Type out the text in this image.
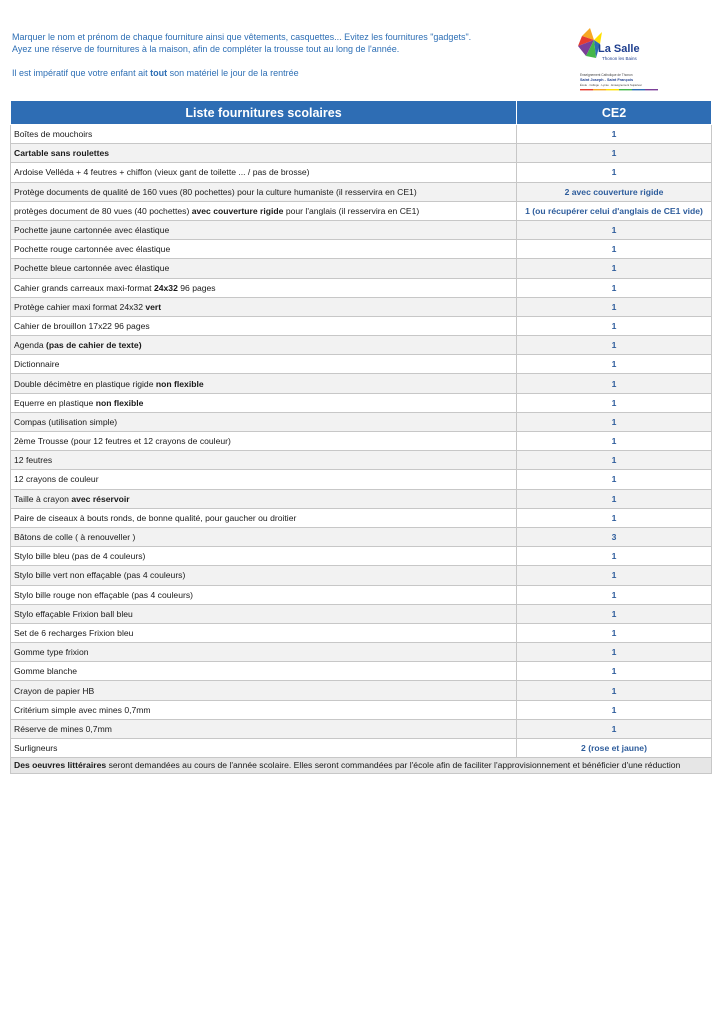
Marquer le nom et prénom de chaque fourniture ainsi que vêtements, casquettes... Evitez les fournitures "gadgets".

Ayez une réserve de fournitures à la maison, afin de compléter la trousse tout au long de l'année.

Il est impératif que votre enfant ait tout son matériel le jour de la rentrée

La Salle
Thonon les Bains
Enseignement Catholique de Thonon
Saint Joseph - Saint François
École · Collège · Lycée · Enseignement Supérieur
Liste fournitures scolaires	CE2
Boîtes de mouchoirs	1
Cartable sans roulettes	1
Ardoise Velléda + 4 feutres + chiffon (vieux gant de toilette ... / pas de brosse)	1
Protège documents de qualité de 160 vues (80 pochettes) pour la culture humaniste (il resservira en CE1)	2 avec couverture rigide
protèges document de 80 vues (40 pochettes) avec couverture rigide pour l'anglais (il resservira en CE1)	1 (ou récupérer celui d'anglais de CE1 vide)
Pochette jaune cartonnée avec élastique	1
Pochette rouge cartonnée avec élastique	1
Pochette bleue cartonnée avec élastique	1
Cahier grands carreaux maxi-format 24x32 96 pages	1
Protège cahier maxi format 24x32 vert	1
Cahier de brouillon 17x22 96 pages	1
Agenda (pas de cahier de texte)	1
Dictionnaire	1
Double décimètre en plastique rigide non flexible	1
Equerre en plastique non flexible	1
Compas (utilisation simple)	1
2ème Trousse (pour 12 feutres et 12 crayons de couleur)	1
12 feutres	1
12 crayons de couleur	1
Taille à crayon avec réservoir	1
Paire de ciseaux à bouts ronds, de bonne qualité, pour gaucher ou droitier	1
Bâtons de colle ( à renouveller )	3
Stylo bille bleu (pas de 4 couleurs)	1
Stylo bille vert non effaçable (pas 4 couleurs)	1
Stylo bille rouge non effaçable (pas 4 couleurs)	1
Stylo effaçable Frixion ball bleu	1
Set de 6 recharges Frixion bleu	1
Gomme type frixion	1
Gomme blanche	1
Crayon de papier HB	1
Critérium simple avec mines 0,7mm	1
Réserve de mines 0,7mm	1
Surligneurs	2 (rose et jaune)
Des oeuvres littéraires seront demandées au cours de l'année scolaire. Elles seront commandées par l'école afin de faciliter l'approvisionnement et bénéficier d'une réduction	
